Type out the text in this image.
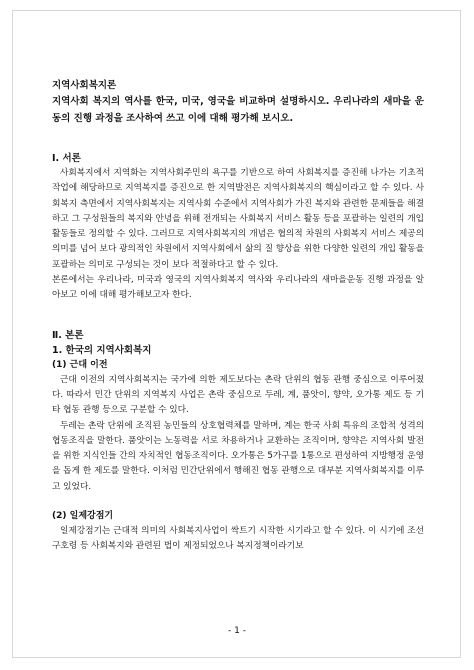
지역사회복지론

지역사회 복지의 역사를 한국, 미국, 영국을 비교하며 설명하시오. 우리나라의 새마을 운동의 진행 과정을 조사하여 쓰고 이에 대해 평가해 보시오.

Ⅰ. 서론

사회복지에서 지역화는 지역사회주민의 욕구를 기반으로 하여 사회복지를 증진해 나가는 기초적 작업에 해당하므로 지역복지를 증진으로 한 지역발전은 지역사회복지의 핵심이라고 할 수 있다. 사회복지 측면에서 지역사회복지는 지역사회 수준에서 지역사회가 가진 복지와 관련한 문제들을 해결하고 그 구성원들의 복지와 안녕을 위해 전개되는 사회복지 서비스 활동 등을 포괄하는 일련의 개입 활동들로 정의할 수 있다. 그러므로 지역사회복지의 개념은 협의적 차원의 사회복지 서비스 제공의 의미를 넘어 보다 광의적인 차원에서 지역사회에서 삶의 질 향상을 위한 다양한 일련의 개입 활동을 포괄하는 의미로 구성되는 것이 보다 적절하다고 할 수 있다.

본론에서는 우리나라, 미국과 영국의 지역사회복지 역사와 우리나라의 새마을운동 진행 과정을 알아보고 이에 대해 평가해보고자 한다.

Ⅱ. 본론

1. 한국의 지역사회복지

(1) 근대 이전

근대 이전의 지역사회복지는 국가에 의한 제도보다는 촌락 단위의 협동 관행 중심으로 이루어졌다. 따라서 민간 단위의 지역복지 사업은 촌락 중심으로 두레, 계, 품앗이, 향약, 오가통 제도 등 기타 협동 관행 등으로 구분할 수 있다.

두레는 촌락 단위에 조직된 농민들의 상호협력체를 말하며, 계는 한국 사회 특유의 조합적 성격의 협동조직을 말한다. 품앗이는 노동력을 서로 차용하거나 교환하는 조직이며, 향약은 지역사회 발전을 위한 지식인들 간의 자치적인 협동조직이다. 오가통은 5가구를 1통으로 편성하여 지방행정 운영을 돕게 한 제도를 말한다. 이처럼 민간단위에서 행해진 협동 관행으로 대부분 지역사회복지를 이루고 있었다.

(2) 일제강점기

일제강점기는 근대적 의미의 사회복지사업이 싹트기 시작한 시기라고 할 수 있다. 이 시기에 조선구호령 등 사회복지와 관련된 법이 제정되었으나 복지정책이라기보

- 1 -
